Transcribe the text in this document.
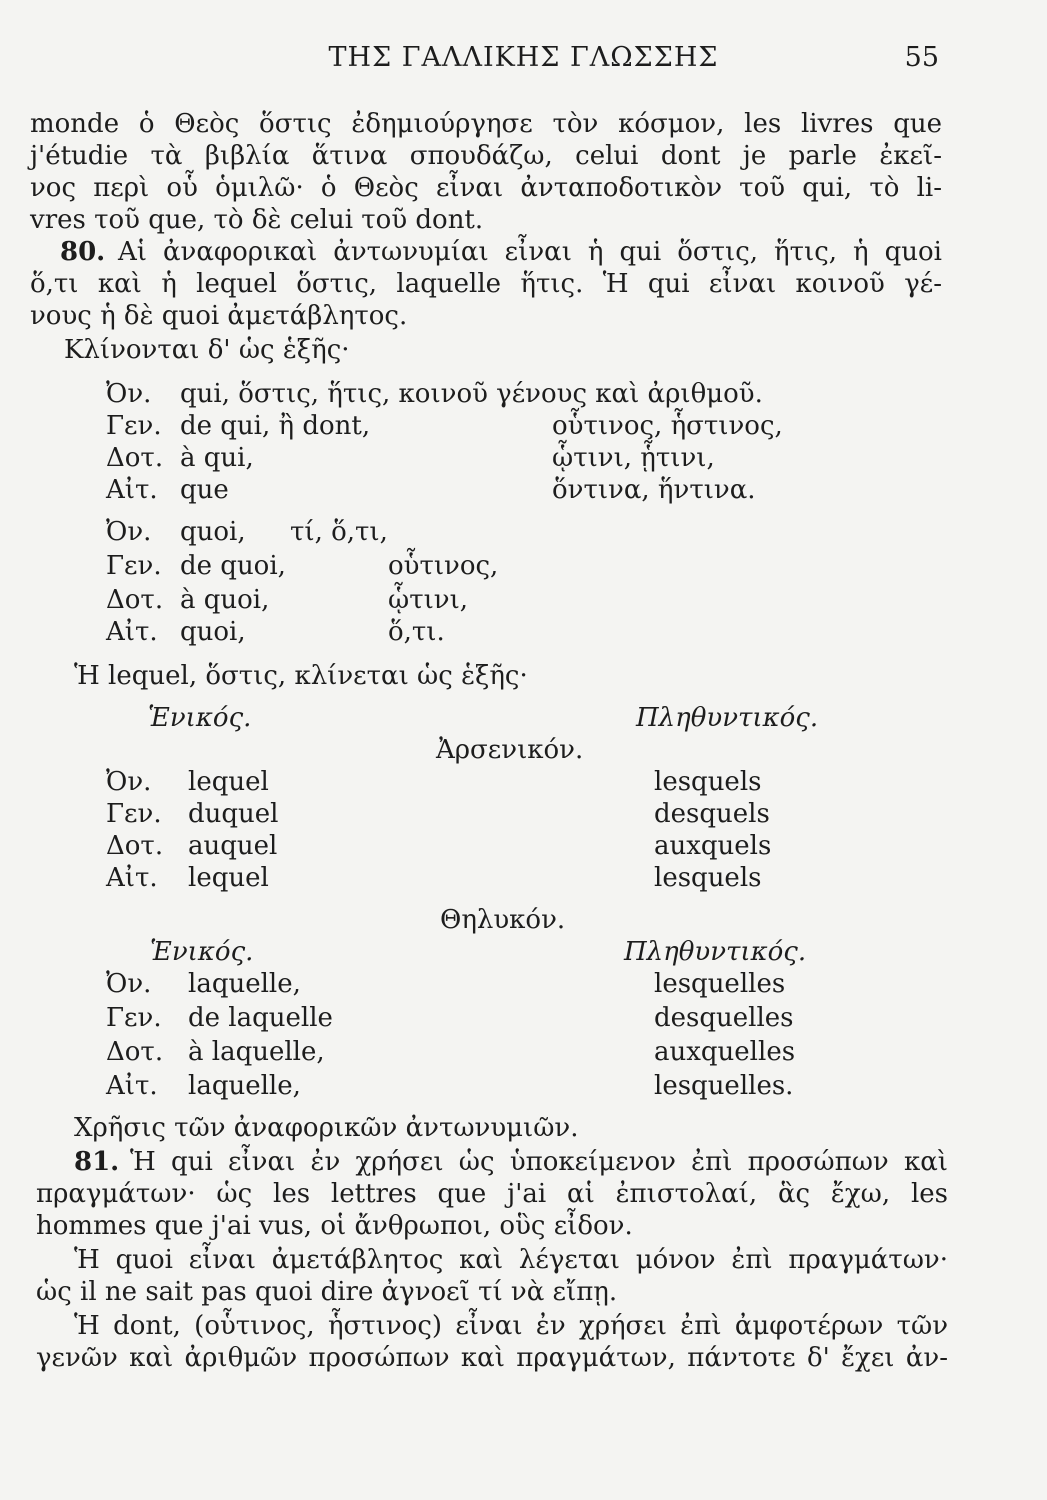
ΤΗΣ ΓΑΛΛΙΚΗΣ ΓΛΩΣΣΗΣ	55
monde ὁ Θεὸς ὅστις ἐδημιούργησε τὸν κόσμον, les livres que
j'étudie τὰ βιβλία ἅτινα σπουδάζω, celui dont je parle ἐκεῖ-
νος περὶ οὗ ὁμιλῶ· ὁ Θεὸς εἶναι ἀνταποδοτικὸν τοῦ qui, τὸ li-
vres τοῦ que, τὸ δὲ celui τοῦ dont.
80. Αἱ ἀναφορικαὶ ἀντωνυμίαι εἶναι ἡ qui ὅστις, ἥτις, ἡ quoi
ὅ,τι καὶ ἡ lequel ὅστις, laquelle ἥτις. Ἡ qui εἶναι κοινοῦ γέ-
νους ἡ δὲ quoi ἀμετάβλητος.
Κλίνονται δ' ὡς ἑξῆς·
Ὀν. qui, ὅστις, ἥτις, κοινοῦ γένους καὶ ἀριθμοῦ.
Γεν. de qui, ἢ dont,	οὗτινος, ἧστινος,
Δοτ. à qui,	ᾧτινι, ᾗτινι,
Αἰτ. que	ὅντινα, ἥντινα.
Ὀν. quoi, τί, ὅ,τι,
Γεν. de quoi,	οὗτινος,
Δοτ. à quoi,	ᾧτινι,
Αἰτ. quoi,	ὅ,τι.
Ἡ lequel, ὅστις, κλίνεται ὡς ἑξῆς·
Ἑνικός.	Πληθυντικός.
Ἀρσενικόν.
Ὀν. lequel	lesquels
Γεν. duquel	desquels
Δοτ. auquel	auxquels
Αἰτ. lequel	lesquels
Θηλυκόν.
Ἑνικός.	Πληθυντικός.
Ὀν. laquelle,	lesquelles
Γεν. de laquelle	desquelles
Δοτ. à laquelle,	auxquelles
Αἰτ. laquelle,	lesquelles.
Χρῆσις τῶν ἀναφορικῶν ἀντωνυμιῶν.
81. Ἡ qui εἶναι ἐν χρήσει ὡς ὑποκείμενον ἐπὶ προσώπων καὶ
πραγμάτων· ὡς les lettres que j'ai αἱ ἐπιστολαί, ἃς ἔχω, les
hommes que j'ai vus, οἱ ἄνθρωποι, οὓς εἶδον.
Ἡ quoi εἶναι ἀμετάβλητος καὶ λέγεται μόνον ἐπὶ πραγμάτων·
ὡς il ne sait pas quoi dire ἀγνοεῖ τί νὰ εἴπῃ.
Ἡ dont, (οὗτινος, ἧστινος) εἶναι ἐν χρήσει ἐπὶ ἀμφοτέρων τῶν
γενῶν καὶ ἀριθμῶν προσώπων καὶ πραγμάτων, πάντοτε δ' ἔχει ἀν-
